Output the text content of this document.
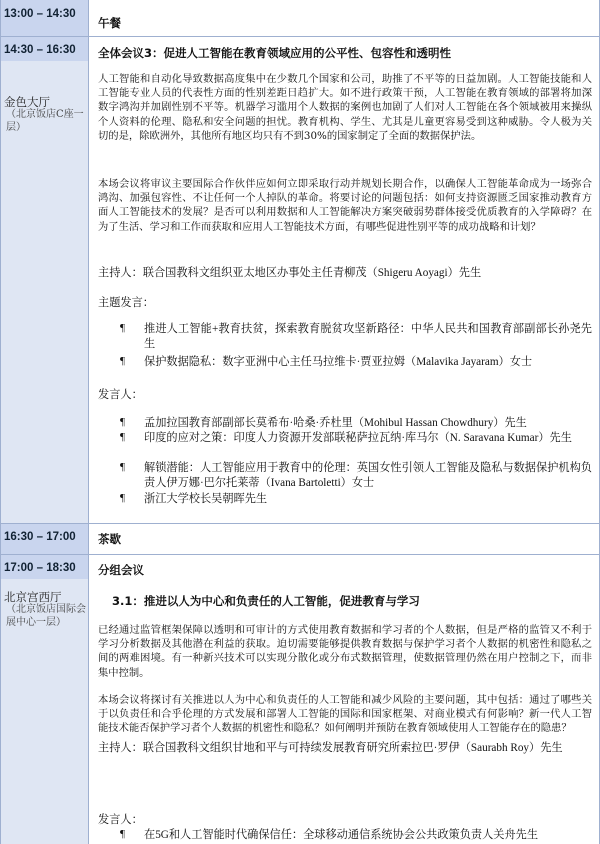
13:00 – 14:30
午餐
14:30 – 16:30
金色大厅
（北京饭店C座一层）
全体会议3：促进人工智能在教育领域应用的公平性、包容性和透明性
人工智能和自动化导致数据高度集中在少数几个国家和公司，助推了不平等的日益加剧。人工智能技能和人工智能专业人员的代表性方面的性别差距日趋扩大。如不进行政策干预，人工智能在教育领域的部署将加深数字鸿沟并加剧性别不平等。机器学习滥用个人数据的案例也加剧了人们对人工智能在各个领域被用来操纵个人资料的伦理、隐私和安全问题的担忧。教育机构、学生、尤其是儿童更容易受到这种威胁。令人极为关切的是，除欧洲外，其他所有地区均只有不到30%的国家制定了全面的数据保护法。
本场会议将审议主要国际合作伙伴应如何立即采取行动并规划长期合作，以确保人工智能革命成为一场弥合鸿沟、加强包容性、不让任何一个人掉队的革命。将要讨论的问题包括：如何支持资源匮乏国家推动教育方面人工智能技术的发展？是否可以利用数据和人工智能解决方案突破弱势群体接受优质教育的入学障碍？在为了生活、学习和工作而获取和应用人工智能技术方面，有哪些促进性别平等的成功战略和计划？
主持人：联合国教科文组织亚太地区办事处主任青柳茂（Shigeru Aoyagi）先生
主题发言：
¶ 推进人工智能+教育扶贫，探索教育脱贫攻坚新路径：中华人民共和国教育部副部长孙尧先生
¶ 保护数据隐私：数字亚洲中心主任马拉维卡·贾亚拉姆（Malavika Jayaram）女士
发言人：
¶ 孟加拉国教育部副部长莫希布·哈桑·乔杜里（Mohibul Hassan Chowdhury）先生
¶ 印度的应对之策：印度人力资源开发部联秘萨拉瓦纳·库马尔（N. Saravana Kumar）先生
¶ 解锁潜能：人工智能应用于教育中的伦理：英国女性引领人工智能及隐私与数据保护机构负责人伊万娜·巴尔托莱蒂（Ivana Bartoletti）女士
¶ 浙江大学校长吴朝晖先生
16:30 – 17:00 茶歇
17:00 – 18:30
北京宫西厅
（北京饭店国际会展中心一层）
分组会议
3.1：推进以人为中心和负责任的人工智能，促进教育与学习
已经通过监管框架保障以透明和可审计的方式使用教育数据和学习者的个人数据，但是严格的监管又不利于学习分析数据及其他潜在利益的获取。迫切需要能够提供教育数据与保护学习者个人数据的机密性和隐私之间的两难困境。有一种新兴技术可以实现分散化或分布式数据管理，使数据管理仍然在用户控制之下，而非集中控制。
本场会议将探讨有关推进以人为中心和负责任的人工智能和减少风险的主要问题，其中包括：通过了哪些关于以负责任和合乎伦理的方式发展和部署人工智能的国际和国家框架、对商业模式有何影响？新一代人工智能技术能否保护学习者个人数据的机密性和隐私？如何阐明并预防在教育领域使用人工智能存在的隐患？
主持人：联合国教科文组织甘地和平与可持续发展教育研究所索拉巴·罗伊（Saurabh Roy）先生
发言人：
¶ 在5G和人工智能时代确保信任：全球移动通信系统协会公共政策负责人关舟先生
